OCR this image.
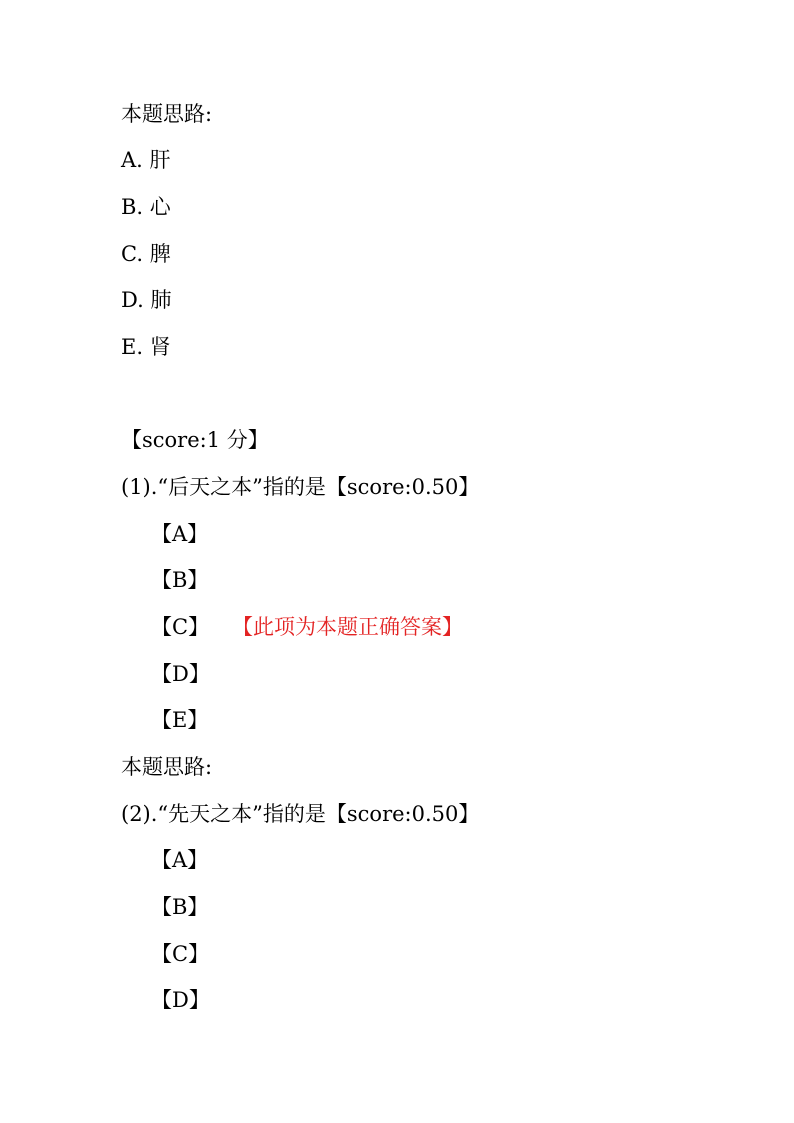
本题思路:
A. 肝
B. 心
C. 脾
D. 肺
E. 肾
【score:1 分】
(1).“后天之本”指的是【score:0.50】
【A】
【B】
【C】 【此项为本题正确答案】
【D】
【E】
本题思路:
(2).“先天之本”指的是【score:0.50】
【A】
【B】
【C】
【D】
